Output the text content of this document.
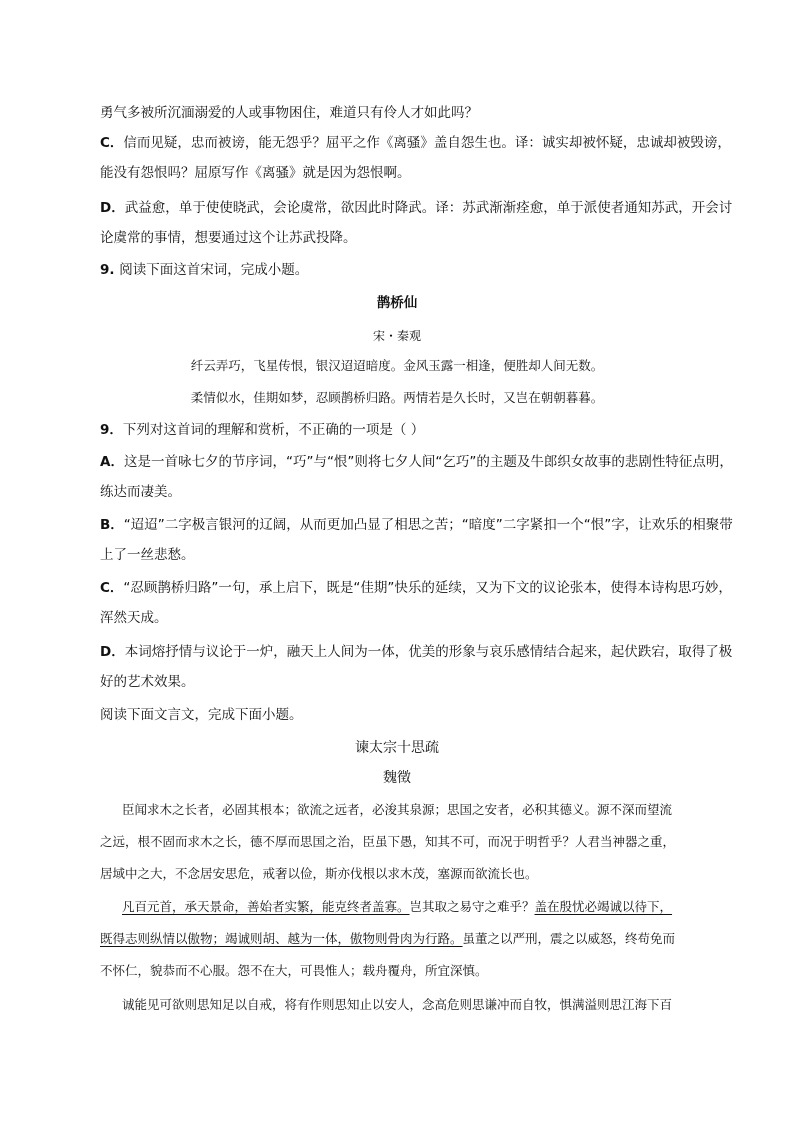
勇气多被所沉湎溺爱的人或事物困住，难道只有伶人才如此吗？
C．信而见疑，忠而被谤，能无怨乎？屈平之作《离骚》盖自怨生也。译：诚实却被怀疑，忠诚却被毁谤，
能没有怨恨吗？屈原写作《离骚》就是因为怨恨啊。
D．武益愈，单于使使晓武，会论虞常，欲因此时降武。译：苏武渐渐痊愈，单于派使者通知苏武，开会讨
论虞常的事情，想要通过这个让苏武投降。
9. 阅读下面这首宋词，完成小题。
鹊桥仙
宋・秦观
纤云弄巧，飞星传恨，银汉迢迢暗度。金风玉露一相逢，便胜却人间无数。
柔情似水，佳期如梦，忍顾鹊桥归路。两情若是久长时，又岂在朝朝暮暮。
9．下列对这首词的理解和赏析，不正确的一项是（ ）
A．这是一首咏七夕的节序词，“巧”与“恨”则将七夕人间“乞巧”的主题及牛郎织女故事的悲剧性特征点明，
练达而凄美。
B．“迢迢”二字极言银河的辽阔，从而更加凸显了相思之苦；“暗度”二字紧扣一个“恨”字，让欢乐的相聚带
上了一丝悲愁。
C．“忍顾鹊桥归路”一句，承上启下，既是“佳期”快乐的延续，又为下文的议论张本，使得本诗构思巧妙，
浑然天成。
D．本词熔抒情与议论于一炉，融天上人间为一体，优美的形象与哀乐感情结合起来，起伏跌宕，取得了极
好的艺术效果。
阅读下面文言文，完成下面小题。
谏太宗十思疏
魏徵
臣闻求木之长者，必固其根本；欲流之远者，必浚其泉源；思国之安者，必积其德义。源不深而望流
之远，根不固而求木之长，德不厚而思国之治，臣虽下愚，知其不可，而况于明哲乎？人君当神器之重，
居域中之大，不念居安思危，戒奢以俭，斯亦伐根以求木茂，塞源而欲流长也。
凡百元首，承天景命，善始者实繁，能克终者盖寡。岂其取之易守之难乎？盖在殷忧必竭诚以待下，
既得志则纵情以傲物；竭诚则胡、越为一体，傲物则骨肉为行路。虽董之以严刑，震之以威怒，终苟免而
不怀仁，貌恭而不心服。怨不在大，可畏惟人；载舟覆舟，所宜深慎。
诚能见可欲则思知足以自戒，将有作则思知止以安人，念高危则思谦冲而自牧，惧满溢则思江海下百
